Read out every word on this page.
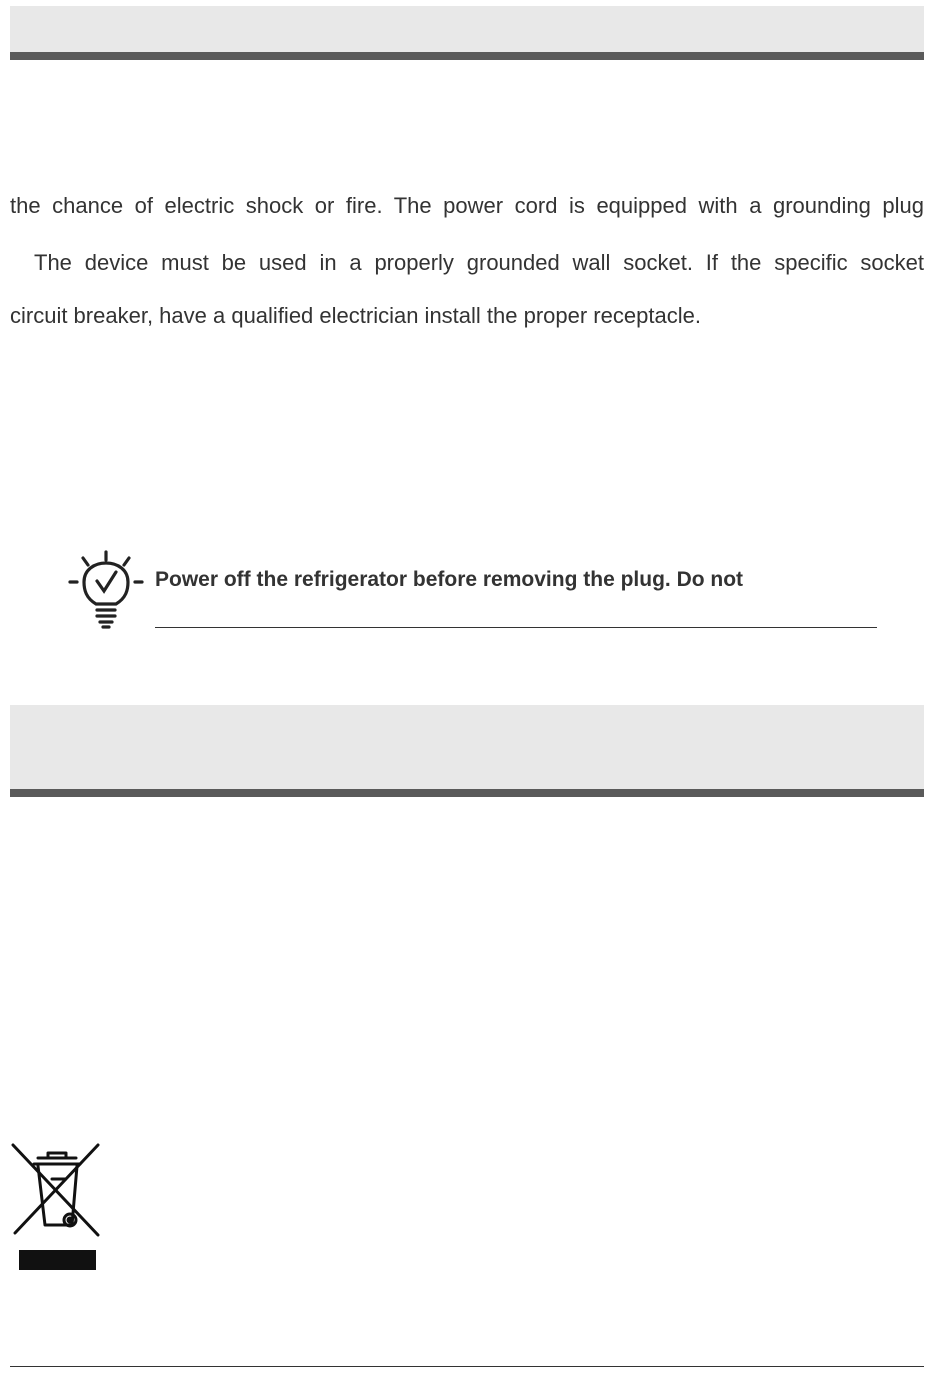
the chance of electric shock or fire. The power cord is equipped with a grounding plug
The device must be used in a properly grounded wall socket. If the specific socket
circuit breaker, have a qualified electrician install the proper receptacle.
Power off the refrigerator before removing the plug. Do not
